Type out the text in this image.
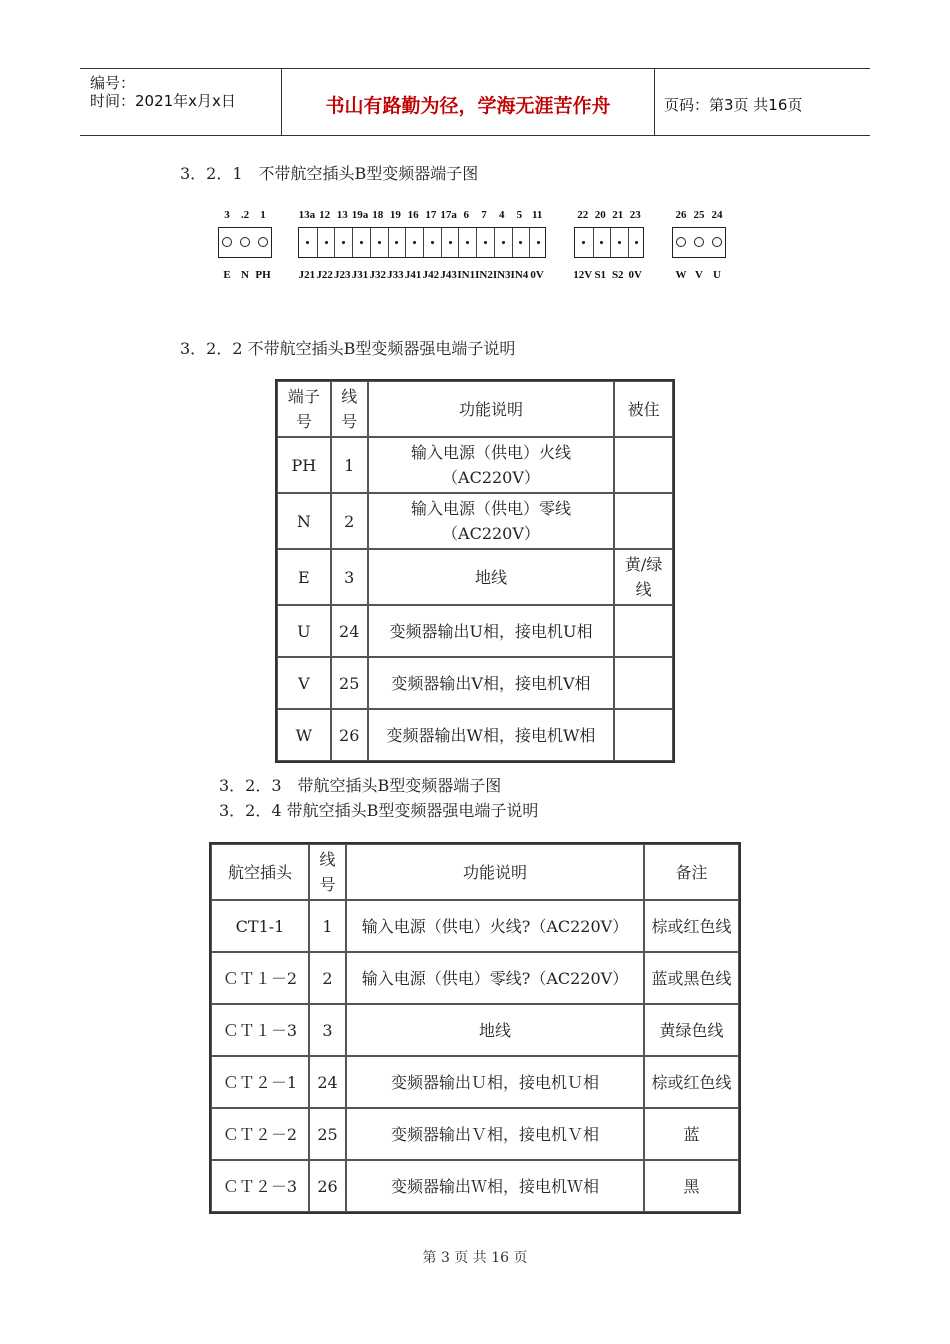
编号：
时间：2021年x月x日	书山有路勤为径，学海无涯苦作舟	页码：第3页 共16页
3．2．1　不带航空插头B型变频器端子图
3
E
.2
N
1
PH
13a
J21
12
J22
13
J23
19a
J31
18
J32
19
J33
16
J41
17
J42
17a
J43
6
IN1
7
IN2
4
IN3
5
IN4
11
0V
22
12V
20
S1
21
S2
23
0V
26
W
25
V
24
U
3．2．2 不带航空插头B型变频器强电端子说明
端子号	线号	功能说明	被住
PH	1	输入电源（供电）火线（AC220V）	
N	2	输入电源（供电）零线（AC220V）	
E	3	地线	黄/绿线
U	24	变频器输出U相，接电机U相	
V	25	变频器输出V相，接电机V相	
W	26	变频器输出W相，接电机W相	
3．2．3　带航空插头B型变频器端子图
3．2．4 带航空插头B型变频器强电端子说明
航空插头	线号	功能说明	备注
CT1-1	1	输入电源（供电）火线?（AC220V）	棕或红色线
ＣＴ１－2	2	输入电源（供电）零线?（AC220V）	蓝或黑色线
ＣＴ１－3	3	地线	黄绿色线
ＣＴ２－1	24	变频器输出Ｕ相，接电机Ｕ相	棕或红色线
ＣＴ２－2	25	变频器输出Ｖ相，接电机Ｖ相	蓝
ＣＴ２－3	26	变频器输出Ｗ相，接电机Ｗ相	黑
第 3 页 共 16 页
